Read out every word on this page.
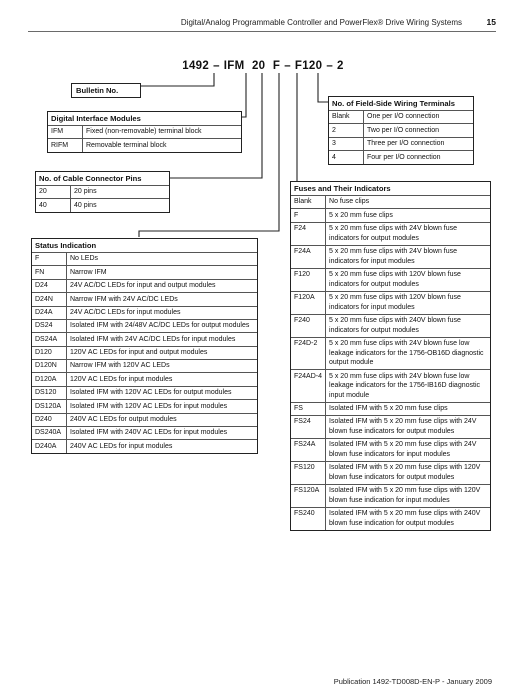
Digital/Analog Programmable Controller and PowerFlex® Drive Wiring Systems	15
1492 – IFM 20 F – F120 – 2
Bulletin No.
Digital Interface Modules
IFM	Fixed (non-removable) terminal block
RIFM	Removable terminal block
No. of Cable Connector Pins
20	20 pins
40	40 pins
Status Indication
F	No LEDs
FN	Narrow IFM
D24	24V AC/DC LEDs for input and output modules
D24N	Narrow IFM with 24V AC/DC LEDs
D24A	24V AC/DC LEDs for input modules
DS24	Isolated IFM with 24/48V AC/DC LEDs for output modules
DS24A	Isolated IFM with 24V AC/DC LEDs for input modules
D120	120V AC LEDs for input and output modules
D120N	Narrow IFM with 120V AC LEDs
D120A	120V AC LEDs for input modules
DS120	Isolated IFM with 120V AC LEDs for output modules
DS120A	Isolated IFM with 120V AC LEDs for input modules
D240	240V AC LEDs for output modules
DS240A	Isolated IFM with 240V AC LEDs for input modules
D240A	240V AC LEDs for input modules
No. of Field-Side Wiring Terminals
Blank	One per I/O connection
2	Two per I/O connection
3	Three per I/O connection
4	Four per I/O connection
Fuses and Their Indicators
Blank	No fuse clips
F	5 x 20 mm fuse clips
F24	5 x 20 mm fuse clips with 24V blown fuse indicators for output modules
F24A	5 x 20 mm fuse clips with 24V blown fuse indicators for input modules
F120	5 x 20 mm fuse clips with 120V blown fuse indicators for output modules
F120A	5 x 20 mm fuse clips with 120V blown fuse indicators for input modules
F240	5 x 20 mm fuse clips with 240V blown fuse indicators for output modules
F24D-2	5 x 20 mm fuse clips with 24V blown fuse low leakage indicators for the 1756-OB16D diagnostic output module
F24AD-4	5 x 20 mm fuse clips with 24V blown fuse low leakage indicators for the 1756-IB16D diagnostic input module
FS	Isolated IFM with 5 x 20 mm fuse clips
FS24	Isolated IFM with 5 x 20 mm fuse clips with 24V blown fuse indicators for output modules
FS24A	Isolated IFM with 5 x 20 mm fuse clips with 24V blown fuse indicators for input modules
FS120	Isolated IFM with 5 x 20 mm fuse clips with 120V blown fuse indicators for output modules
FS120A	Isolated IFM with 5 x 20 mm fuse clips with 120V blown fuse indication for input modules
FS240	Isolated IFM with 5 x 20 mm fuse clips with 240V blown fuse indication for output modules
Publication 1492-TD008D-EN-P - January 2009
